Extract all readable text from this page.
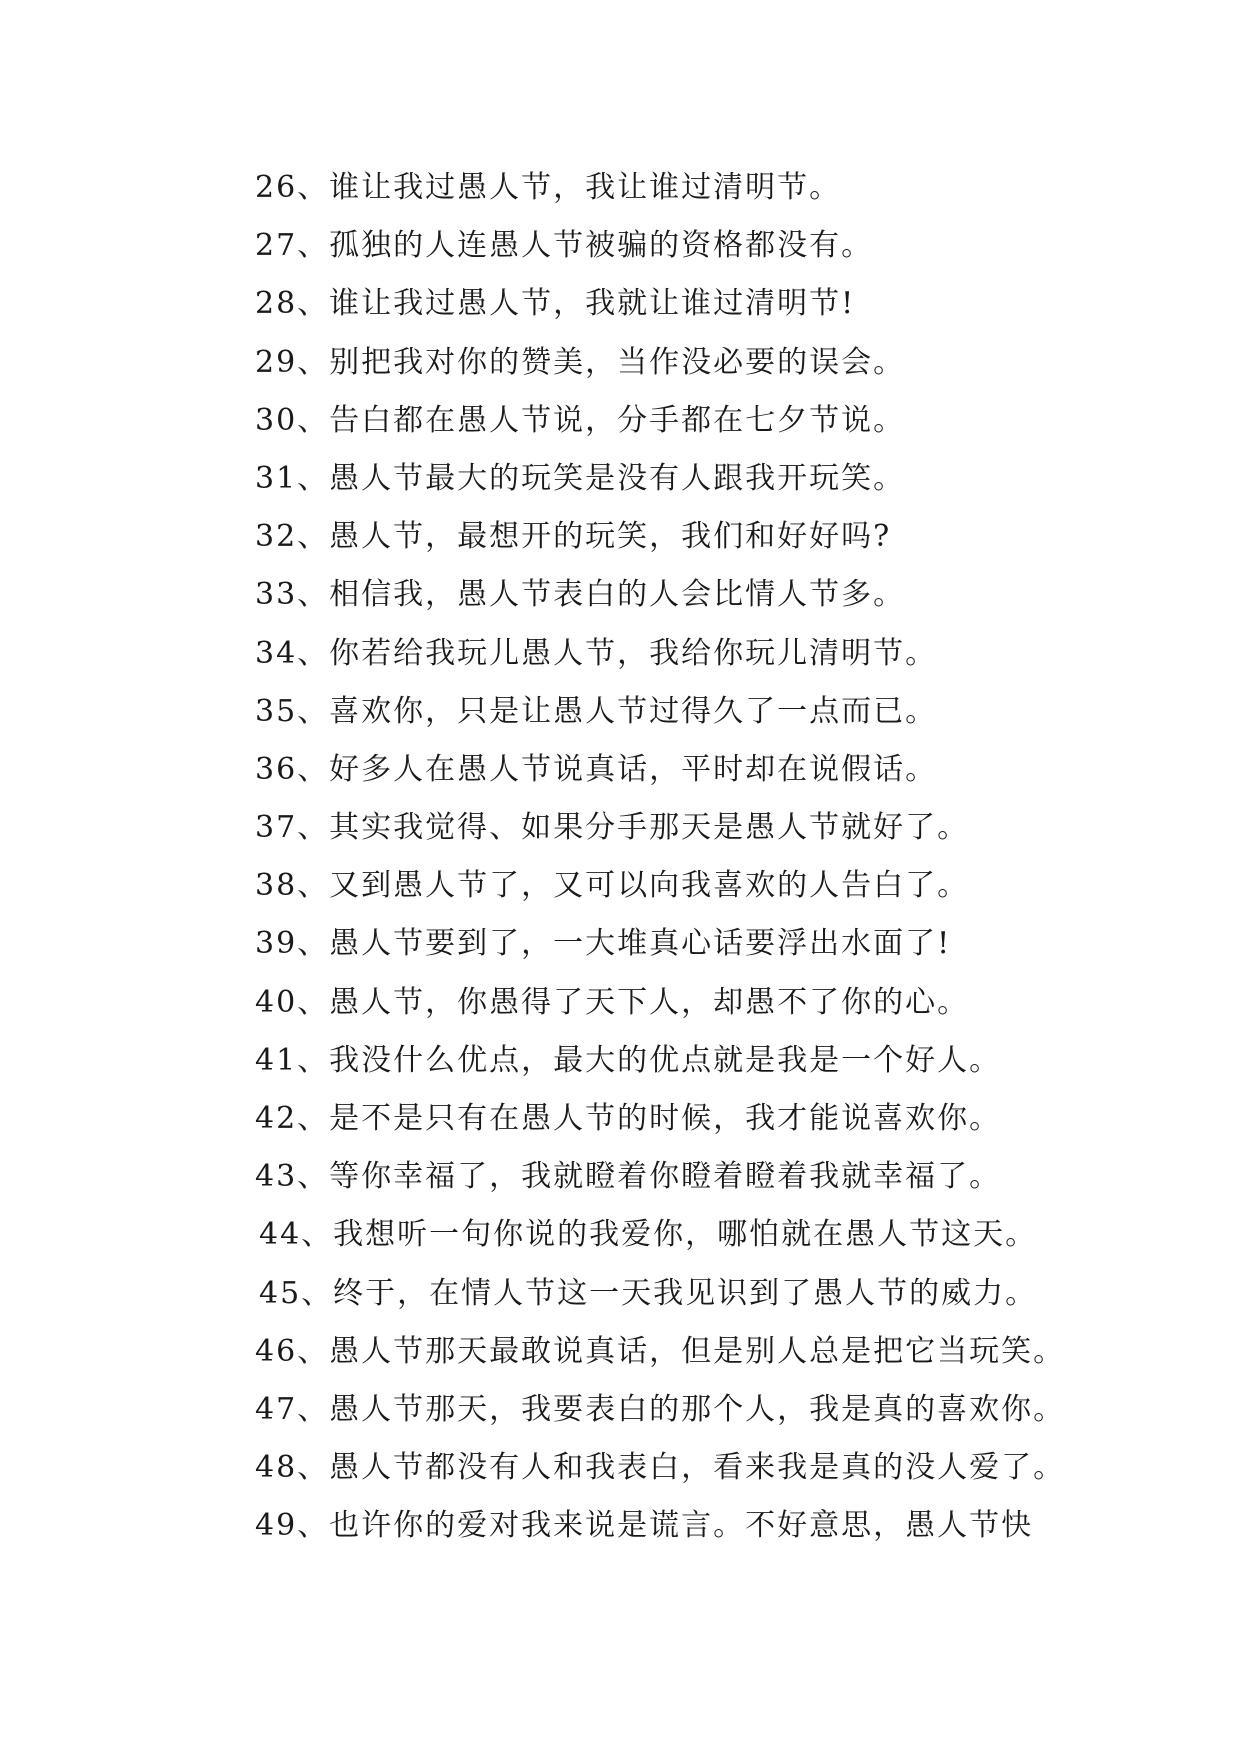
26、谁让我过愚人节，我让谁过清明节。
27、孤独的人连愚人节被骗的资格都没有。
28、谁让我过愚人节，我就让谁过清明节!
29、别把我对你的赞美，当作没必要的误会。
30、告白都在愚人节说，分手都在七夕节说。
31、愚人节最大的玩笑是没有人跟我开玩笑。
32、愚人节，最想开的玩笑，我们和好好吗?
33、相信我，愚人节表白的人会比情人节多。
34、你若给我玩儿愚人节，我给你玩儿清明节。
35、喜欢你，只是让愚人节过得久了一点而已。
36、好多人在愚人节说真话，平时却在说假话。
37、其实我觉得、如果分手那天是愚人节就好了。
38、又到愚人节了，又可以向我喜欢的人告白了。
39、愚人节要到了，一大堆真心话要浮出水面了!
40、愚人节，你愚得了天下人，却愚不了你的心。
41、我没什么优点，最大的优点就是我是一个好人。
42、是不是只有在愚人节的时候，我才能说喜欢你。
43、等你幸福了，我就瞪着你瞪着瞪着我就幸福了。
44、我想听一句你说的我爱你，哪怕就在愚人节这天。
45、终于，在情人节这一天我见识到了愚人节的威力。
46、愚人节那天最敢说真话，但是别人总是把它当玩笑。
47、愚人节那天，我要表白的那个人，我是真的喜欢你。
48、愚人节都没有人和我表白，看来我是真的没人爱了。
49、也许你的爱对我来说是谎言。不好意思，愚人节快
